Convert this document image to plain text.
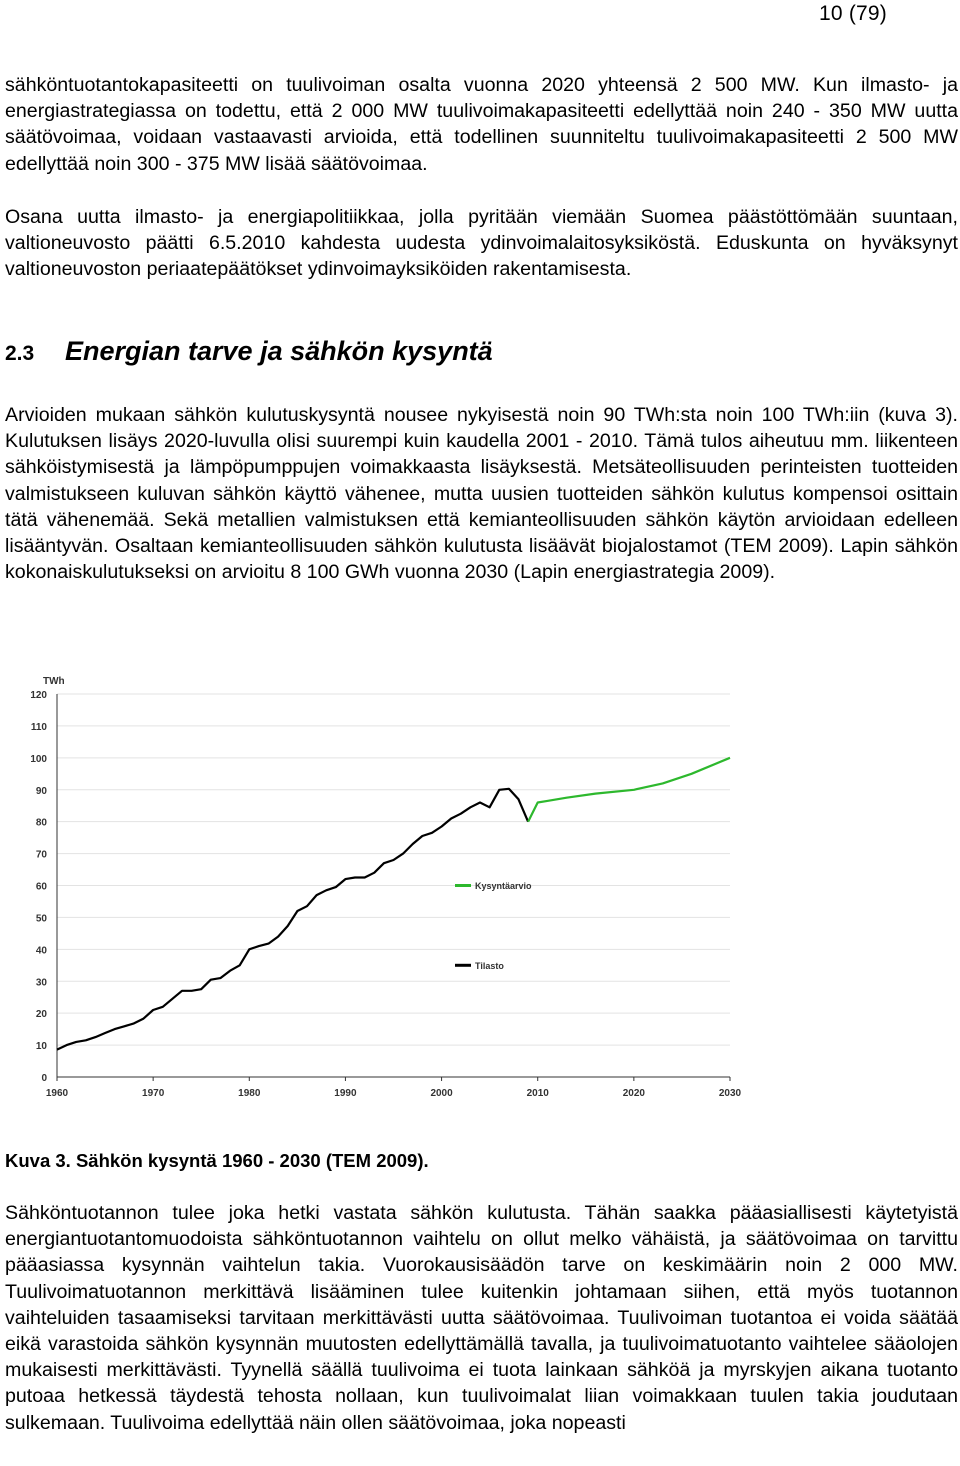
10 (79)

sähköntuotantokapasiteetti on tuulivoiman osalta vuonna 2020 yhteensä 2 500 MW. Kun ilmasto- ja energiastrategiassa on todettu, että 2 000 MW tuulivoimakapasiteetti edellyttää noin 240 - 350 MW uutta säätövoimaa, voidaan vastaavasti arvioida, että todellinen suunniteltu tuulivoimakapasiteetti 2 500 MW edellyttää noin 300 - 375 MW lisää säätövoimaa.

Osana uutta ilmasto- ja energiapolitiikkaa, jolla pyritään viemään Suomea päästöttömään suuntaan, valtioneuvosto päätti 6.5.2010 kahdesta uudesta ydinvoimalaitosyksiköstä. Eduskunta on hyväksynyt valtioneuvoston periaatepäätökset ydinvoimayksiköiden rakentamisesta.

2.3	Energian tarve ja sähkön kysyntä

Arvioiden mukaan sähkön kulutuskysyntä nousee nykyisestä noin 90 TWh:sta noin 100 TWh:iin (kuva 3). Kulutuksen lisäys 2020-luvulla olisi suurempi kuin kaudella 2001 - 2010. Tämä tulos aiheutuu mm. liikenteen sähköistymisestä ja lämpöpumppujen voimakkaasta lisäyksestä. Metsäteollisuuden perinteisten tuotteiden valmistukseen kuluvan sähkön käyttö vähenee, mutta uusien tuotteiden sähkön kulutus kompensoi osittain tätä vähenemää. Sekä metallien valmistuksen että kemianteollisuuden sähkön käytön arvioidaan edelleen lisääntyvän. Osaltaan kemianteollisuuden sähkön kulutusta lisäävät biojalostamot (TEM 2009). Lapin sähkön kokonaiskulutukseksi on arvioitu 8 100 GWh vuonna 2030 (Lapin energiastrategia 2009).

0
10
20
30
40
50
60
70
80
90
100
110
120
1960	1970	1980	1990	2000	2010	2020	2030
TWh
Kysyntäarvio
Tilasto

Kuva 3. Sähkön kysyntä 1960 - 2030 (TEM 2009).

Sähköntuotannon tulee joka hetki vastata sähkön kulutusta. Tähän saakka pääasiallisesti käytetyistä energiantuotantomuodoista sähköntuotannon vaihtelu on ollut melko vähäistä, ja säätövoimaa on tarvittu pääasiassa kysynnän vaihtelun takia. Vuorokausisäädön tarve on keskimäärin noin 2 000 MW. Tuulivoimatuotannon merkittävä lisääminen tulee kuitenkin johtamaan siihen, että myös tuotannon vaihteluiden tasaamiseksi tarvitaan merkittävästi uutta säätövoimaa. Tuulivoiman tuotantoa ei voida säätää eikä varastoida sähkön kysynnän muutosten edellyttämällä tavalla, ja tuulivoimatuotanto vaihtelee sääolojen mukaisesti merkittävästi. Tyynellä säällä tuulivoima ei tuota lainkaan sähköä ja myrskyjen aikana tuotanto putoaa hetkessä täydestä tehosta nollaan, kun tuulivoimalat liian voimakkaan tuulen takia joudutaan sulkemaan. Tuulivoima edellyttää näin ollen säätövoimaa, joka nopeasti
